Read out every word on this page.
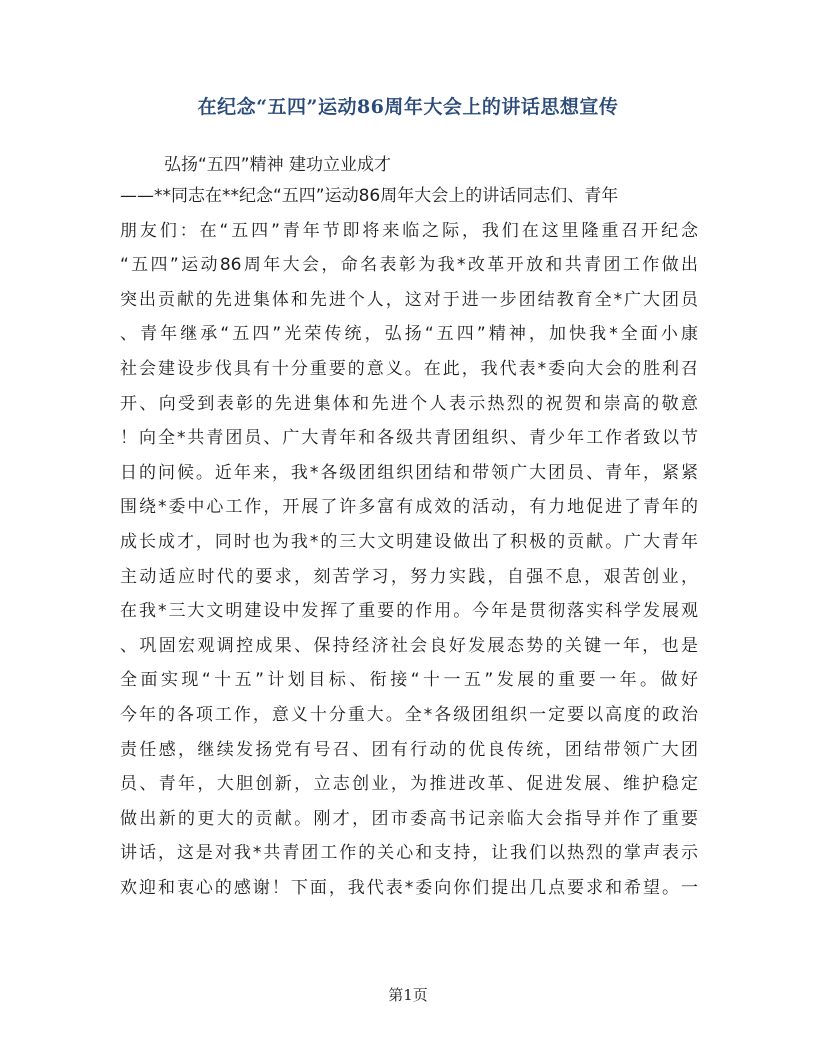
在纪念“五四”运动86周年大会上的讲话思想宣传
弘扬“五四”精神 建功立业成才
——**同志在**纪念“五四”运动86周年大会上的讲话同志们、青年
朋友们：在“五四”青年节即将来临之际，我们在这里隆重召开纪念
“五四”运动86周年大会，命名表彰为我*改革开放和共青团工作做出
突出贡献的先进集体和先进个人，这对于进一步团结教育全*广大团员
、青年继承“五四”光荣传统，弘扬“五四”精神，加快我*全面小康
社会建设步伐具有十分重要的意义。在此，我代表*委向大会的胜利召
开、向受到表彰的先进集体和先进个人表示热烈的祝贺和崇高的敬意
！向全*共青团员、广大青年和各级共青团组织、青少年工作者致以节
日的问候。近年来，我*各级团组织团结和带领广大团员、青年，紧紧
围绕*委中心工作，开展了许多富有成效的活动，有力地促进了青年的
成长成才，同时也为我*的三大文明建设做出了积极的贡献。广大青年
主动适应时代的要求，刻苦学习，努力实践，自强不息，艰苦创业，
在我*三大文明建设中发挥了重要的作用。今年是贯彻落实科学发展观
、巩固宏观调控成果、保持经济社会良好发展态势的关键一年，也是
全面实现“十五”计划目标、衔接“十一五”发展的重要一年。做好
今年的各项工作，意义十分重大。全*各级团组织一定要以高度的政治
责任感，继续发扬党有号召、团有行动的优良传统，团结带领广大团
员、青年，大胆创新，立志创业，为推进改革、促进发展、维护稳定
做出新的更大的贡献。刚才，团市委高书记亲临大会指导并作了重要
讲话，这是对我*共青团工作的关心和支持，让我们以热烈的掌声表示
欢迎和衷心的感谢！下面，我代表*委向你们提出几点要求和希望。一
第1页
